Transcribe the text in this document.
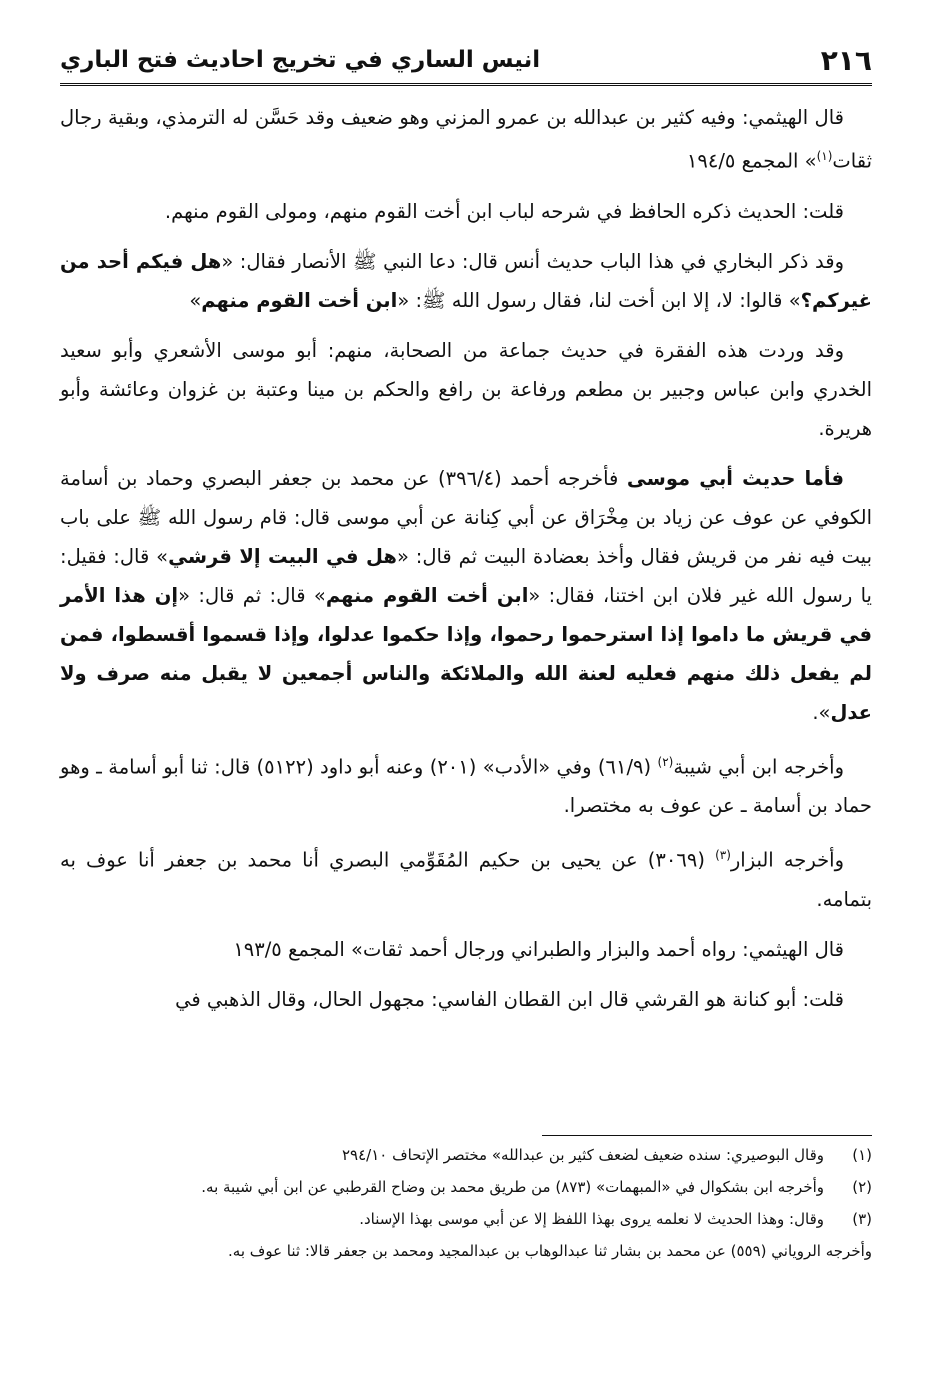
٢١٦
انيس الساري في تخريج احاديث فتح الباري

قال الهيثمي: وفيه كثير بن عبدالله بن عمرو المزني وهو ضعيف وقد حَسَّن له الترمذي، وبقية رجال ثقات$^{(١)}$» المجمع ١٩٤/٥

قلت: الحديث ذكره الحافظ في شرحه لباب ابن أخت القوم منهم، ومولى القوم منهم.

وقد ذكر البخاري في هذا الباب حديث أنس قال: دعا النبي ﷺ الأنصار فقال: «هل فيكم أحد من غيركم؟» قالوا: لا، إلا ابن أخت لنا، فقال رسول الله ﷺ: «ابن أخت القوم منهم»

وقد وردت هذه الفقرة في حديث جماعة من الصحابة، منهم: أبو موسى الأشعري وأبو سعيد الخدري وابن عباس وجبير بن مطعم ورفاعة بن رافع والحكم بن مينا وعتبة بن غزوان وعائشة وأبو هريرة.

فأما حديث أبي موسى فأخرجه أحمد (٣٩٦/٤) عن محمد بن جعفر البصري وحماد بن أسامة الكوفي عن عوف عن زياد بن مِخْرَاق عن أبي كِنانة عن أبي موسى قال: قام رسول الله ﷺ على باب بيت فيه نفر من قريش فقال وأخذ بعضادة البيت ثم قال: «هل في البيت إلا قرشي» قال: فقيل: يا رسول الله غير فلان ابن اختنا، فقال: «ابن أخت القوم منهم» قال: ثم قال: «إن هذا الأمر في قريش ما داموا إذا استرحموا رحموا، وإذا حكموا عدلوا، وإذا قسموا أقسطوا، فمن لم يفعل ذلك منهم فعليه لعنة الله والملائكة والناس أجمعين لا يقبل منه صرف ولا عدل».

وأخرجه ابن أبي شيبة$^{(٢)}$ (٦١/٩) وفي «الأدب» (٢٠١) وعنه أبو داود (٥١٢٢) قال: ثنا أبو أسامة ـ وهو حماد بن أسامة ـ عن عوف به مختصرا.

وأخرجه البزار$^{(٣)}$ (٣٠٦٩) عن يحيى بن حكيم المُقَوِّمي البصري أنا محمد بن جعفر أنا عوف به بتمامه.

قال الهيثمي: رواه أحمد والبزار والطبراني ورجال أحمد ثقات» المجمع ١٩٣/٥

قلت: أبو كنانة هو القرشي قال ابن القطان الفاسي: مجهول الحال، وقال الذهبي في

(١)
وقال البوصيري: سنده ضعيف لضعف كثير بن عبدالله» مختصر الإتحاف ٢٩٤/١٠
(٢)
وأخرجه ابن بشكوال في «المبهمات» (٨٧٣) من طريق محمد بن وضاح القرطبي عن ابن أبي شيبة به.
(٣)
وقال: وهذا الحديث لا نعلمه يروى بهذا اللفظ إلا عن أبي موسى بهذا الإسناد.
وأخرجه الروياني (٥٥٩) عن محمد بن بشار ثنا عبدالوهاب بن عبدالمجيد ومحمد بن جعفر قالا: ثنا عوف به.
